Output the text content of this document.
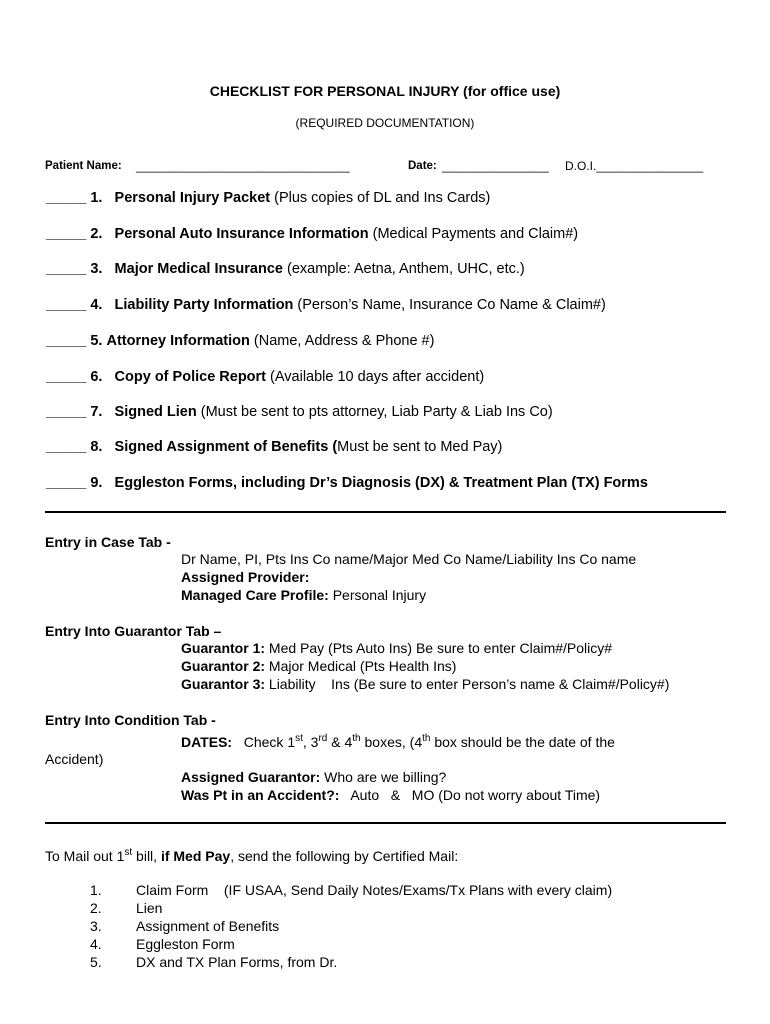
CHECKLIST FOR PERSONAL INJURY (for office use)
(REQUIRED DOCUMENTATION)
Patient Name: ________________________________	Date: ________________ D.O.I.________________
_____ 1. Personal Injury Packet (Plus copies of DL and Ins Cards)
_____ 2. Personal Auto Insurance Information (Medical Payments and Claim#)
_____ 3. Major Medical Insurance (example: Aetna, Anthem, UHC, etc.)
_____ 4. Liability Party Information (Person’s Name, Insurance Co Name & Claim#)
_____ 5. Attorney Information (Name, Address & Phone #)
_____ 6. Copy of Police Report (Available 10 days after accident)
_____ 7. Signed Lien (Must be sent to pts attorney, Liab Party & Liab Ins Co)
_____ 8. Signed Assignment of Benefits (Must be sent to Med Pay)
_____ 9. Eggleston Forms, including Dr’s Diagnosis (DX) & Treatment Plan (TX) Forms
Entry in Case Tab -
Dr Name, PI, Pts Ins Co name/Major Med Co Name/Liability Ins Co name
Assigned Provider:
Managed Care Profile: Personal Injury
Entry Into Guarantor Tab –
Guarantor 1: Med Pay (Pts Auto Ins) Be sure to enter Claim#/Policy#
Guarantor 2: Major Medical (Pts Health Ins)
Guarantor 3: Liability    Ins (Be sure to enter Person’s name & Claim#/Policy#)
Entry Into Condition Tab -
DATES:   Check 1st, 3rd & 4th boxes, (4th box should be the date of the
Accident)
Assigned Guarantor: Who are we billing?
Was Pt in an Accident?:   Auto   &   MO (Do not worry about Time)
To Mail out 1st bill, if Med Pay, send the following by Certified Mail:
1. Claim Form    (IF USAA, Send Daily Notes/Exams/Tx Plans with every claim)
2. Lien
3. Assignment of Benefits
4. Eggleston Form
5. DX and TX Plan Forms, from Dr.
